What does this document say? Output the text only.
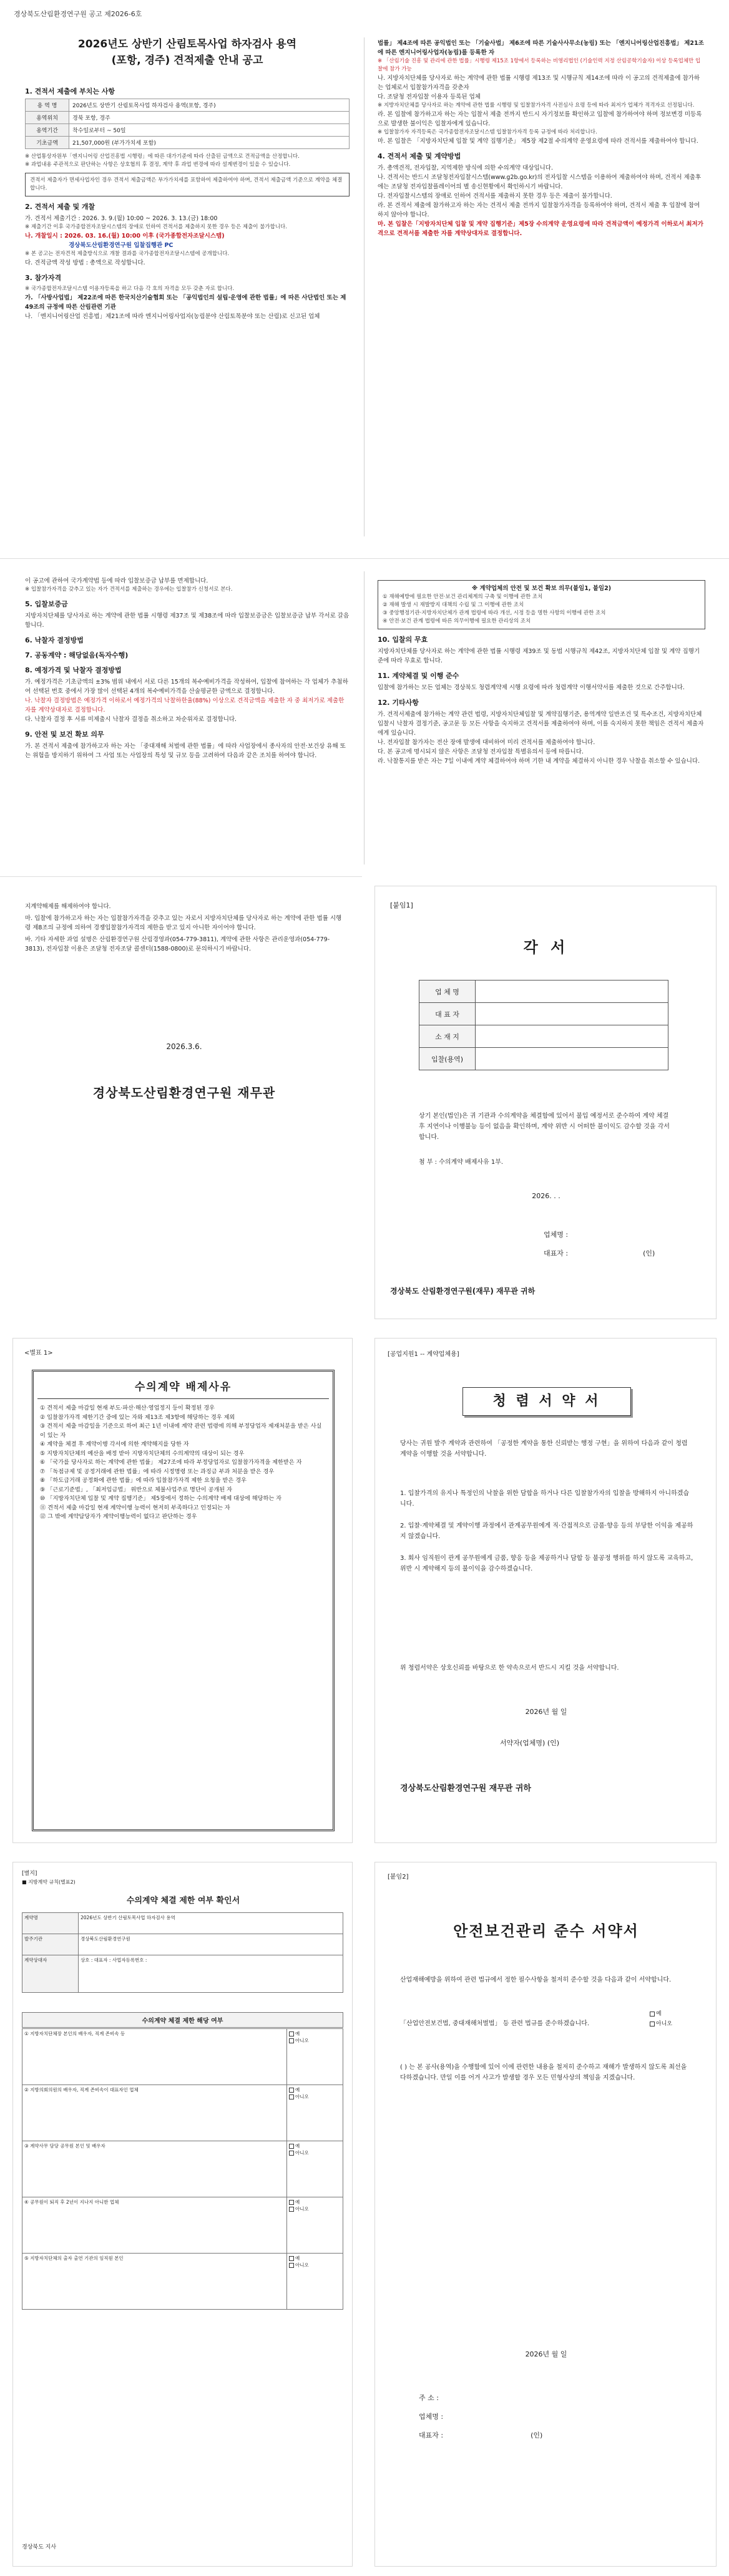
경상북도산림환경연구원 공고 제2026-6호
2026년도 상반기 산림토목사업 하자검사 용역
(포항, 경주) 견적제출 안내 공고
1. 견적서 제출에 부치는 사항
용 역 명	2026년도 상반기 산림토목사업 하자검사 용역(포항, 경주)
용역위치	경북 포항, 경주
용역기간	착수일로부터 ~ 50일
기초금액	21,507,000원 (부가가치세 포함)
※ 산업통상자원부「엔지니어링 산업진흥법 시행령」에 따른 대가기준에 따라 산출된 금액으로 견적금액을 산정합니다.
※ 과업내용 주관적으로 판단하는 사항은 상호협의 후 결정, 계약 후 과업 변경에 따라 설계변경이 있을 수 있습니다.
견적서 제출자가 면세사업자인 경우 견적서 제출금액은 부가가치세를 포함하여 제출하여야 하며, 견적서 제출금액 기준으로 계약을 체결합니다.
2. 견적서 제출 및 개찰
가. 견적서 제출기간 : 2026. 3. 9.(월) 10:00 ~ 2026. 3. 13.(금) 18:00
※ 제출기간 이후 국가종합전자조달시스템의 장애로 인하여 견적서를 제출하지 못한 경우 등은 제출이 불가합니다.
나. 개찰일시 : 2026. 03. 16.(월) 10:00 이후 (국가종합전자조달시스템)
경상북도산림환경연구원 입찰집행관 PC
※ 본 공고는 전자견적 제출방식으로 개찰 결과를 국가종합전자조달시스템에 공개합니다.
다. 견적금액 작성 방법 : 총액으로 작성합니다.
3. 참가자격
※ 국가종합전자조달시스템 이용자등록을 하고 다음 각 호의 자격을 모두 갖춘 자로 합니다.
가. 「사방사업법」 제22조에 따른 한국치산기술협회 또는 「공익법인의 설립·운영에 관한 법률」에 따른 사단법인 또는 제49조의 규정에 따른 산림관련 기관
나. 「엔지니어링산업 진흥법」제21조에 따라 엔지니어링사업자(농림분야 산림토목분야 또는 산림)로 신고된 업체
법률」 제4조에 따른 공익법인 또는 「기술사법」 제6조에 따른 기술사사무소(농림) 또는 「엔지니어링산업진흥법」 제21조에 따른 엔지니어링사업자(농림)를 등록한 자
※ 「산림기술 진흥 및 관리에 관한 법률」시행령 제15조 1항에서 등록하는 비영리법인 (기술인력 지정 산림공학기술자) 이상 등록업체만 입찰에 참가 가능
나. 지방자치단체를 당사자로 하는 계약에 관한 법률 시행령 제13조 및 시행규칙 제14조에 따라 이 공고의 견적제출에 참가하는 업체로서 입찰참가자격을 갖춘자
다. 조달청 전자입찰 이용자 등록된 업체
※ 지방자치단체를 당사자로 하는 계약에 관한 법률 시행령 및 입찰참가자격 사전심사 요령 등에 따라 최저가 업체가 적격자로 선정됩니다.
라. 본 입찰에 참가하고자 하는 자는 입찰서 제출 전까지 반드시 자기정보를 확인하고 입찰에 참가하여야 하며 정보변경 미등록으로 발생한 불이익은 입찰자에게 있습니다.
※ 입찰참가자 자격등록은 국가종합전자조달시스템 입찰참가자격 등록 규정에 따라 처리합니다.
마. 본 입찰은 「지방자치단체 입찰 및 계약 집행기준」 제5장 제2절 수의계약 운영요령에 따라 견적서를 제출하여야 합니다.
4. 견적서 제출 및 계약방법
가. 총액견적, 전자입찰, 지역제한 방식에 의한 수의계약 대상입니다.
나. 견적서는 반드시 조달청전자입찰시스템(www.g2b.go.kr)의 전자입찰 시스템을 이용하여 제출하여야 하며, 견적서 제출후에는 조달청 전자입찰플레이어의 별 송신현황에서 확인하시기 바랍니다.
다. 전자입찰시스템의 장애로 인하여 견적서를 제출하지 못한 경우 등은 제출이 불가합니다.
라. 본 견적서 제출에 참가하고자 하는 자는 견적서 제출 전까지 입찰참가자격을 등록하여야 하며, 견적서 제출 후 입찰에 참여하지 않아야 합니다.
마. 본 입찰은「지방자치단체 입찰 및 계약 집행기준」제5장 수의계약 운영요령에 따라 견적금액이 예정가격 이하로서 최저가격으로 견적서를 제출한 자를 계약상대자로 결정합니다.
이 공고에 관하여 국가계약법 등에 따라 입찰보증금 납부를 면제합니다.
※ 입찰참가자격을 갖추고 있는 자가 견적서를 제출하는 경우에는 입찰참가 신청서로 본다.
5. 입찰보증금
지방자치단체를 당사자로 하는 계약에 관한 법률 시행령 제37조 및 제38조에 따라 입찰보증금은 입찰보증금 납부 각서로 갈음합니다.
6. 낙찰자 결정방법
7. 공동계약 : 해당없음(독자수행)
8. 예정가격 및 낙찰자 결정방법
가. 예정가격은 기초금액의 ±3% 범위 내에서 서로 다른 15개의 복수예비가격을 작성하여, 입찰에 참여하는 각 업체가 추첨하여 선택된 번호 중에서 가장 많이 선택된 4개의 복수예비가격을 산술평균한 금액으로 결정합니다.
나. 낙찰자 결정방법은 예정가격 이하로서 예정가격의 낙찰하한율(88%) 이상으로 견적금액을 제출한 자 중 최저가로 제출한 자를 계약상대자로 결정합니다.
다. 낙찰자 결정 후 서류 미제출시 낙찰자 결정을 취소하고 차순위자로 결정합니다.
9. 안전 및 보건 확보 의무
가. 본 견적서 제출에 참가하고자 하는 자는 「중대재해 처벌에 관한 법률」에 따라 사업장에서 종사자의 안전·보건상 유해 또는 위험을 방지하기 위하여 그 사업 또는 사업장의 특성 및 규모 등을 고려하여 다음과 같은 조치를 하여야 합니다.
※ 계약업체의 안전 및 보건 확보 의무(붙임1, 붙임2)
① 재해예방에 필요한 안전·보건 관리체계의 구축 및 이행에 관한 조치
② 재해 발생 시 재발방지 대책의 수립 및 그 이행에 관한 조치
③ 중앙행정기관·지방자치단체가 관계 법령에 따라 개선, 시정 등을 명한 사항의 이행에 관한 조치
④ 안전·보건 관계 법령에 따른 의무이행에 필요한 관리상의 조치
10. 입찰의 무효
지방자치단체를 당사자로 하는 계약에 관한 법률 시행령 제39조 및 동법 시행규칙 제42조, 지방자치단체 입찰 및 계약 집행기준에 따라 무효로 합니다.
11. 계약체결 및 이행 준수
입찰에 참가하는 모든 업체는 경상북도 청렴계약제 시행 요령에 따라 청렴계약 이행서약서를 제출한 것으로 간주합니다.
12. 기타사항
가. 견적서제출에 참가하는 계약 관련 법령, 지방자치단체입찰 및 계약집행기준, 용역계약 일반조건 및 특수조건, 지방자치단체 입찰시 낙찰자 결정기준, 공고문 등 모든 사항을 숙지하고 견적서를 제출하여야 하며, 이를 숙지하지 못한 책임은 견적서 제출자에게 있습니다.
나. 전자입찰 참가자는 전산 장애 발생에 대비하여 미리 견적서를 제출하여야 합니다.
다. 본 공고에 명시되지 않은 사항은 조달청 전자입찰 특별유의서 등에 따릅니다.
라. 낙찰통지를 받은 자는 7일 이내에 계약 체결하여야 하며 기한 내 계약을 체결하지 아니한 경우 낙찰을 취소할 수 있습니다.
지계약해제를 해제하여야 합니다.
마. 입찰에 참가하고자 하는 자는 입찰참가자격을 갖추고 있는 자로서 지방자치단체를 당사자로 하는 계약에 관한 법률 시행령 제8조의 규정에 의하여 경쟁입찰참가자격의 제한을 받고 있지 아니한 자이어야 합니다.
바. 기타 자세한 과업 설명은 산림환경연구원 산림경영과(054-779-3811), 계약에 관한 사항은 관리운영과(054-779-3813), 전자입찰 이용은 조달청 전자조달 콜센터(1588-0800)로 문의하시기 바랍니다.
2026.3.6.
경상북도산림환경연구원 재무관
[붙임1]
각 서
업 체 명	
대 표 자	
소 재 지	
입찰(용역)	
상기 본인(법인)은 귀 기관과 수의계약을 체결함에 있어서 불입 예정서로 준수하여 계약 체결 후 지연이나 이행불능 등이 없음을 확인하며, 계약 위반 시 어떠한 불이익도 감수할 것을 각서합니다.
첨 부 : 수의계약 배제사유 1부.
2026. . .
업체명 :
대표자 :	(인)
경상북도 산림환경연구원(재무) 재무관 귀하
<별표 1>
수의계약 배제사유
① 견적서 제출 마감일 현재 부도·파산·해산·영업정지 등이 확정된 경우
② 입찰참가자격 제한기간 중에 있는 자와 제13조 제3항에 해당하는 경우 제외
③ 견적서 제출 마감일을 기준으로 하여 최근 1년 이내에 계약 관련 법령에 의해 부정당업자 제재처분을 받은 사실이 있는 자
④ 계약을 체결 후 계약이행 각서에 의한 계약해지를 당한 자
⑤ 지방자치단체의 예산을 배정 받아 지방자치단체의 수의계약의 대상이 되는 경우
⑥ 「국가를 당사자로 하는 계약에 관한 법률」 제27조에 따라 부정당업자로 입찰참가자격을 제한받은 자
⑦ 「독점규제 및 공정거래에 관한 법률」에 따라 시정명령 또는 과징금 부과 처분을 받은 경우
⑧ 「하도급거래 공정화에 관한 법률」에 따라 입찰참가자격 제한 요청을 받은 경우
⑨ 「근로기준법」, 「최저임금법」 위반으로 체불사업주로 명단이 공개된 자
⑩ 「지방자치단체 입찰 및 계약 집행기준」 제5장에서 정하는 수의계약 배제 대상에 해당하는 자
⑪ 견적서 제출 마감일 현재 계약이행 능력이 현저히 부족하다고 인정되는 자
⑫ 그 밖에 계약담당자가 계약이행능력이 없다고 판단하는 경우
[공업지원1 -- 계약업체용]
청 렴 서 약 서
당사는 귀원 발주 계약과 관련하여 「공정한 계약을 통한 신뢰받는 행정 구현」을 위하여 다음과 같이 청렴계약을 이행할 것을 서약합니다.
1. 입찰가격의 유지나 특정인의 낙찰을 위한 담합을 하거나 다른 입찰참가자의 입찰을 방해하지 아니하겠습니다.
2. 입찰·계약체결 및 계약이행 과정에서 관계공무원에게 직·간접적으로 금품·향응 등의 부당한 이익을 제공하지 않겠습니다.
3. 회사 임직원이 관계 공무원에게 금품, 향응 등을 제공하거나 담합 등 불공정 행위를 하지 않도록 교육하고, 위반 시 계약해지 등의 불이익을 감수하겠습니다.
위 청렴서약은 상호신뢰를 바탕으로 한 약속으로서 반드시 지킬 것을 서약합니다.
2026년 월 일
서약자(업체명) (인)
경상북도산림환경연구원 재무관 귀하
[별지]
■ 지방계약 규칙(별표2)
수의계약 체결 제한 여부 확인서
계약명	2026년도 상반기 산림토목사업 하자검사 용역
발주기관	경상북도산림환경연구원
계약상대자	상호 : 대표자 : 사업자등록번호 :
수의계약 체결 제한 해당 여부
① 지방자치단체장 본인의 배우자, 직계 존비속 등	예
아니오
② 지방의회의원의 배우자, 직계 존비속이 대표자인 업체	예
아니오
③ 계약사무 담당 공무원 본인 및 배우자	예
아니오
④ 공무원이 퇴직 후 2년이 지나지 아니한 업체	예
아니오
⑤ 지방자치단체의 출자 출연 기관의 임직원 본인	예
아니오
경상북도 지사
[붙임2]
안전보건관리 준수 서약서
산업재해예방을 위하여 관련 법규에서 정한 필수사항을 철저히 준수할 것을 다음과 같이 서약합니다.
「산업안전보건법, 중대재해처벌법」 등 관련 법규를 준수하겠습니다.
예
아니오
( ) 는 본 공사(용역)을 수행함에 있어 이에 관련한 내용을 철저히 준수하고 재해가 발생하지 않도록 최선을 다하겠습니다. 만일 이를 어겨 사고가 발생할 경우 모든 민형사상의 책임을 지겠습니다.
2026년 월 일
주 소 :
업체명 :
대표자 :	(인)
